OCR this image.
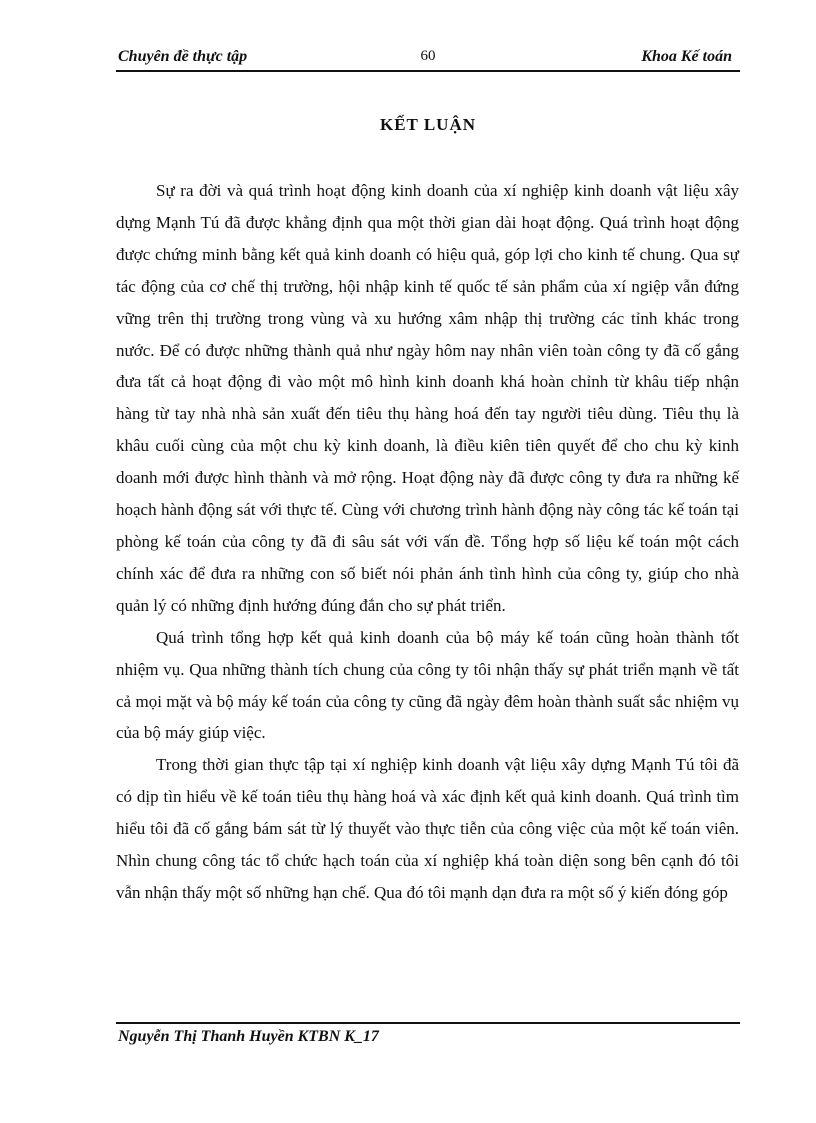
Chuyên đề thực tập	60	Khoa Kế toán
KẾT LUẬN

Sự ra đời và quá trình hoạt động kinh doanh của xí nghiệp kinh doanh vật liệu xây dựng Mạnh Tú đã được khẳng định qua một thời gian dài hoạt động. Quá trình hoạt động được chứng minh bằng kết quả kinh doanh có hiệu quả, góp lợi cho kinh tế chung. Qua sự tác động của cơ chế thị trường, hội nhập kinh tế quốc tế sản phẩm của xí ngiệp vẫn đứng vững trên thị trường trong vùng và xu hướng xâm nhập thị trường các tỉnh khác trong nước. Để có được những thành quả như ngày hôm nay nhân viên toàn công ty đã cố gắng đưa tất cả hoạt động đi vào một mô hình kinh doanh khá hoàn chỉnh từ khâu tiếp nhận hàng từ tay nhà nhà sản xuất đến tiêu thụ hàng hoá đến tay người tiêu dùng. Tiêu thụ là khâu cuối cùng của một chu kỳ kinh doanh, là điều kiên tiên quyết để cho chu kỳ kinh doanh mới được hình thành và mở rộng. Hoạt động này đã được công ty đưa ra những kế hoạch hành động sát với thực tế. Cùng với chương trình hành động này công tác kế toán tại phòng kế toán của công ty đã đi sâu sát với vấn đề. Tổng hợp số liệu kế toán một cách chính xác để đưa ra những con số biết nói phản ánh tình hình của công ty, giúp cho nhà quản lý có những định hướng đúng đắn cho sự phát triển.

Quá trình tổng hợp kết quả kinh doanh của bộ máy kế toán cũng hoàn thành tốt nhiệm vụ. Qua những thành tích chung của công ty tôi nhận thấy sự phát triển mạnh về tất cả mọi mặt và bộ máy kế toán của công ty cũng đã ngày đêm hoàn thành suất sắc nhiệm vụ của bộ máy giúp việc.

Trong thời gian thực tập tại xí nghiệp kinh doanh vật liệu xây dựng Mạnh Tú tôi đã có dịp tìn hiểu về kế toán tiêu thụ hàng hoá và xác định kết quả kinh doanh. Quá trình tìm hiểu tôi đã cố gắng bám sát từ lý thuyết vào thực tiễn của công việc của một kế toán viên. Nhìn chung công tác tổ chức hạch toán của xí nghiệp khá toàn diện song bên cạnh đó tôi vẫn nhận thấy một số những hạn chế. Qua đó tôi mạnh dạn đưa ra một số ý kiến đóng góp

Nguyễn Thị Thanh Huyền KTBN K_17
